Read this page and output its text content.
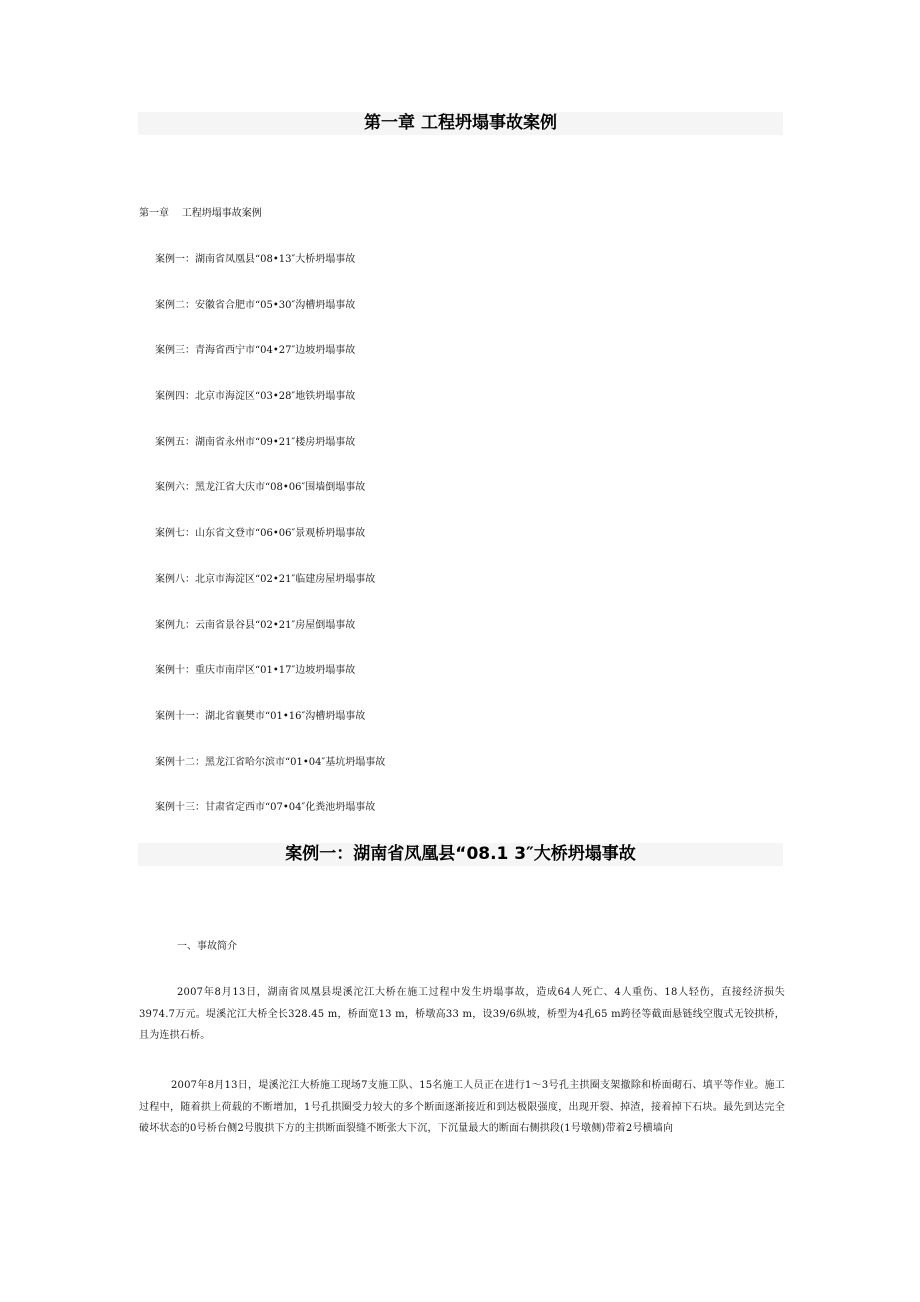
第一章 工程坍塌事故案例
第一章    工程坍塌事故案例
案例一：湖南省凤凰县“08•13″大桥坍塌事故
案例二：安徽省合肥市“05•30″沟槽坍塌事故
案例三：青海省西宁市“04•27″边坡坍塌事故
案例四：北京市海淀区“03•28″地铁坍塌事故
案例五：湖南省永州市“09•21″楼房坍塌事故
案例六：黑龙江省大庆市“08•06″围墙倒塌事故
案例七：山东省文登市“06•06″景观桥坍塌事故
案例八：北京市海淀区“02•21″临建房屋坍塌事故
案例九：云南省景谷县“02•21″房屋倒塌事故
案例十：重庆市南岸区“01•17″边坡坍塌事故
案例十一：湖北省襄樊市“01•16″沟槽坍塌事故
案例十二：黑龙江省哈尔滨市“01•04″基坑坍塌事故
案例十三：甘肃省定西市“07•04″化粪池坍塌事故
案例一：湖南省凤凰县“08.1 3″大桥坍塌事故
一、事故简介

2007年8月13日，湖南省凤凰县堤溪沱江大桥在施工过程中发生坍塌事故，造成64人死亡、4人重伤、18人轻伤，直接经济损失3974.7万元。堤溪沱江大桥全长328.45 m，桥面宽13 m，桥墩高33 m，设39/6纵坡，桥型为4孔65 m跨径等截面悬链线空腹式无铰拱桥，且为连拱石桥。

2007年8月13日，堤溪沱江大桥施工现场7支施工队、15名施工人员正在进行1～3号孔主拱圈支架撤除和桥面砌石、填平等作业。施工过程中，随着拱上荷载的不断增加，1号孔拱圈受力较大的多个断面逐渐接近和到达极限强度，出现开裂、掉渣，接着掉下石块。最先到达完全破坏状态的0号桥台侧2号腹拱下方的主拱断面裂缝不断张大下沉，下沉量最大的断面右侧拱段(1号墩侧)带着2号横墙向
